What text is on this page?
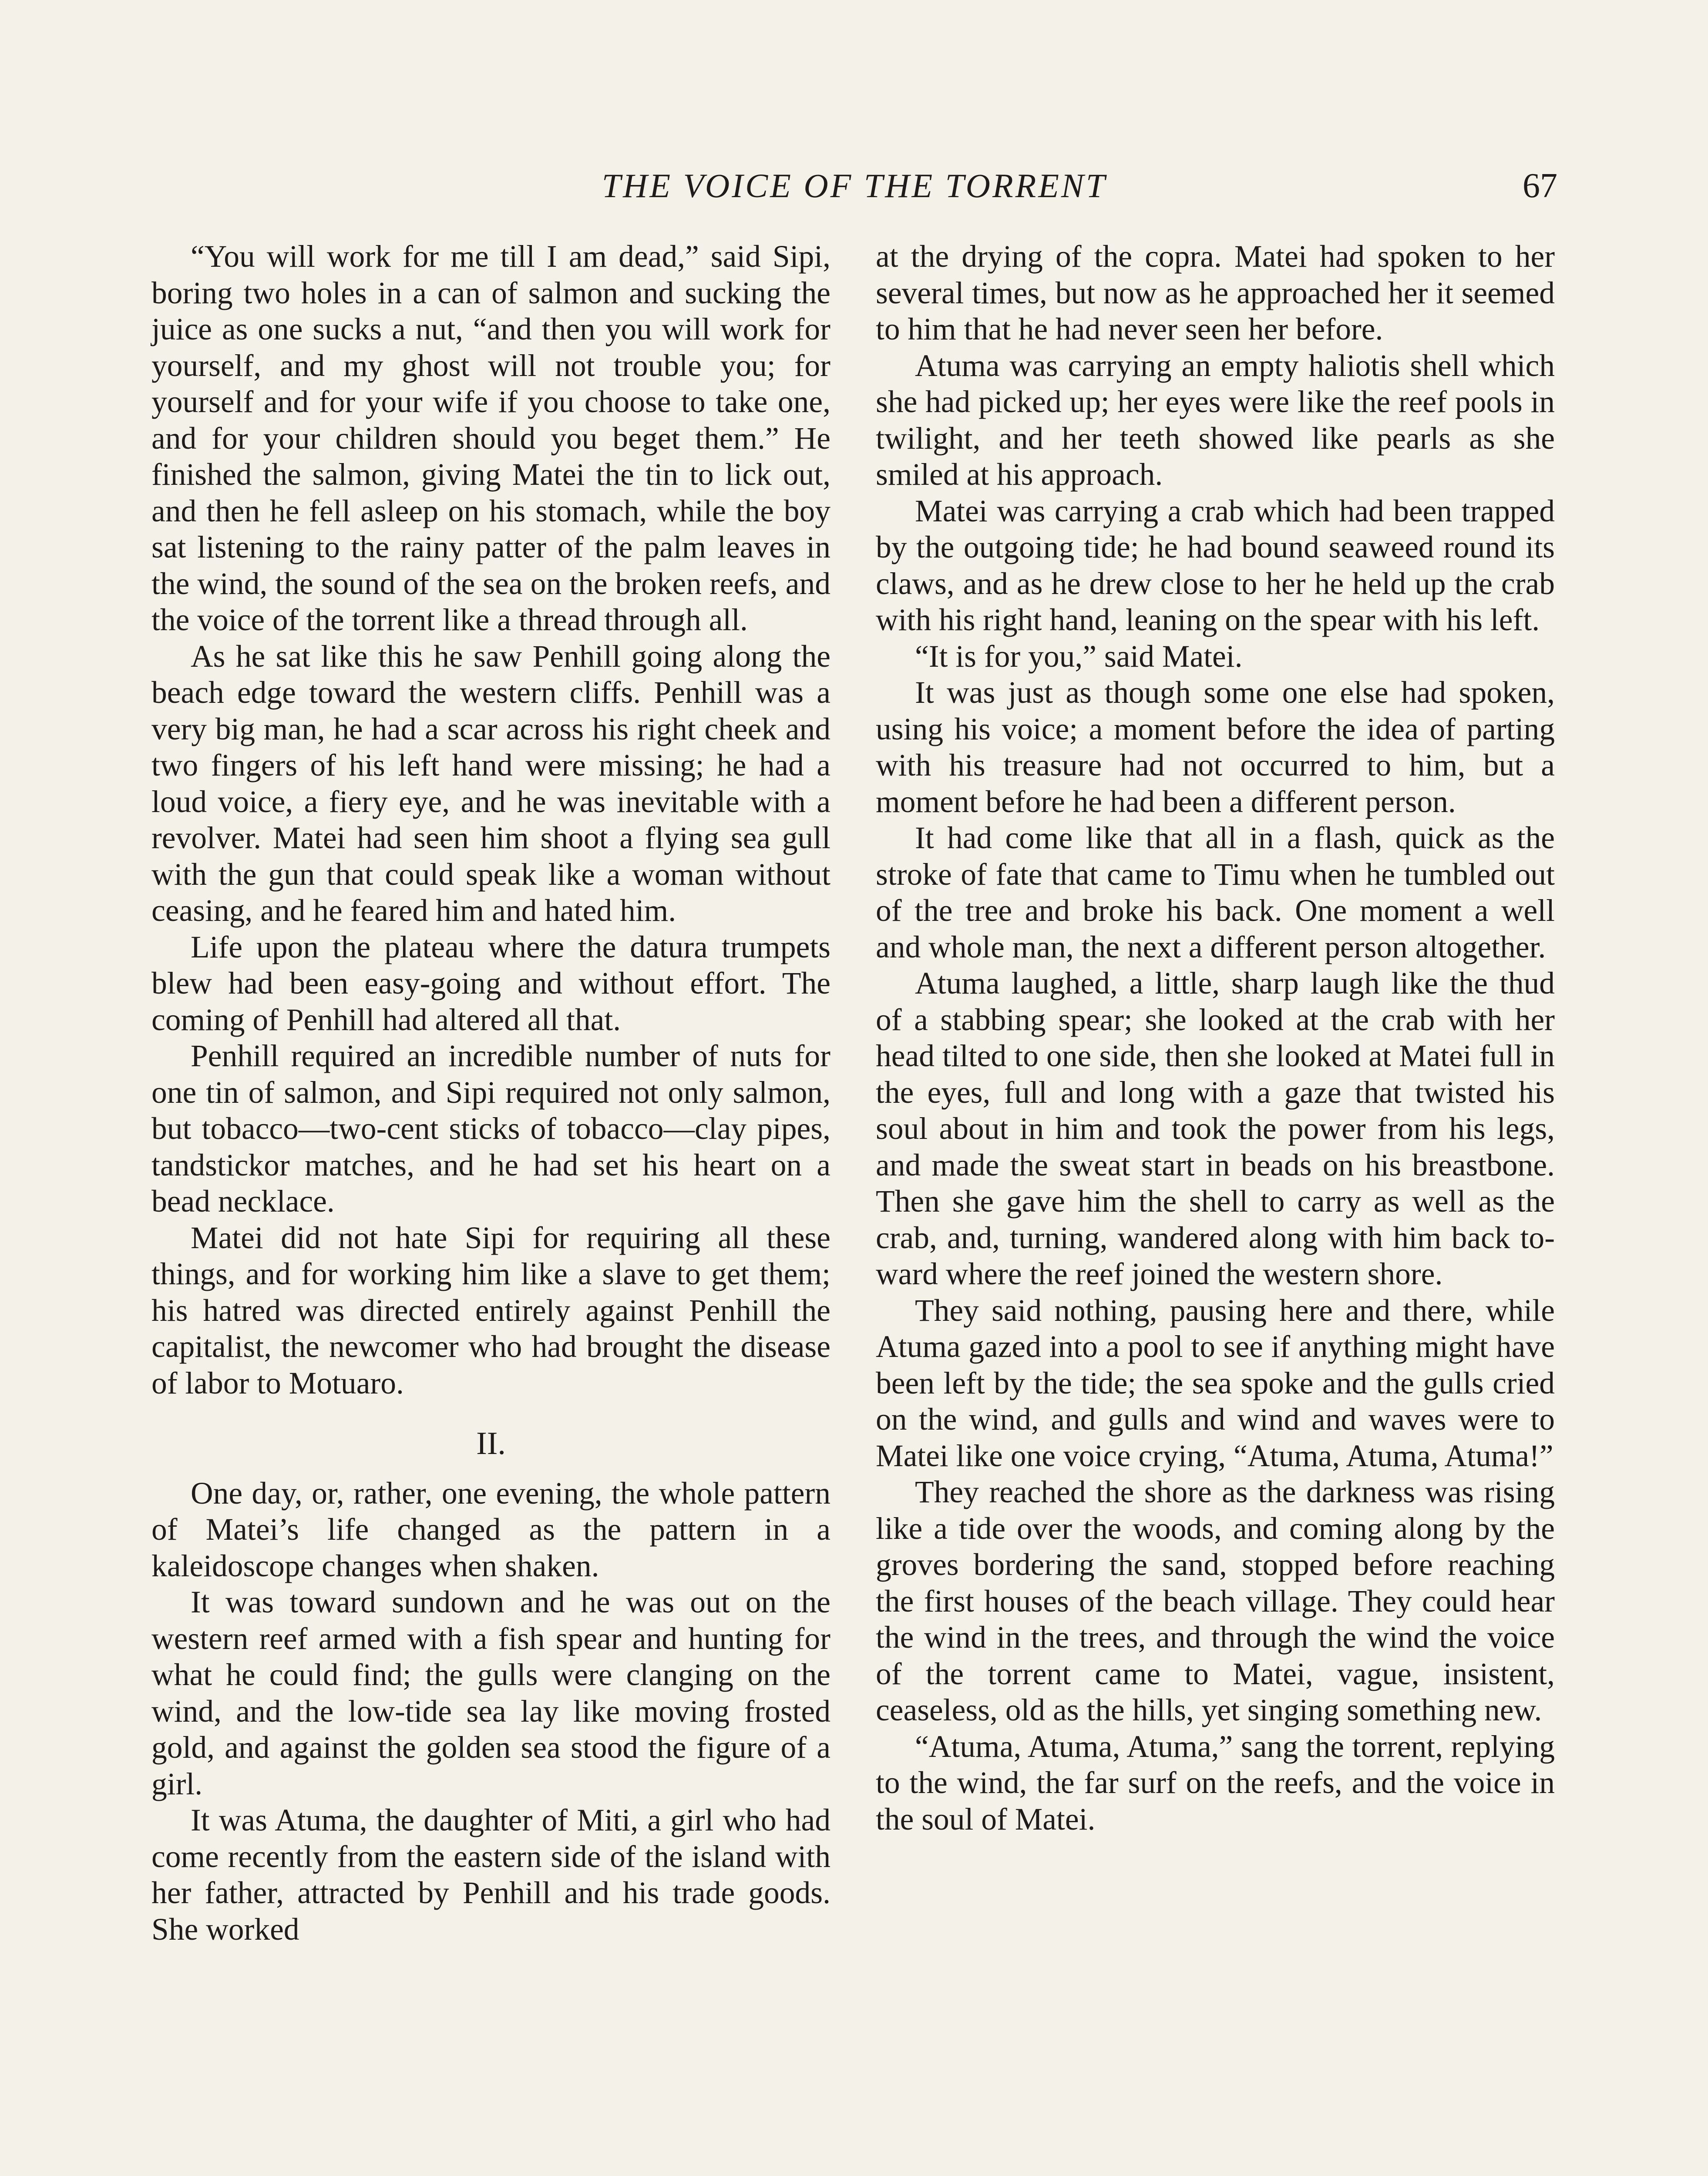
THE VOICE OF THE TORRENT	67

“You will work for me till I am dead,” said Sipi, boring two holes in a can of salmon and sucking the juice as one sucks a nut, “and then you will work for yourself, and my ghost will not trouble you; for yourself and for your wife if you choose to take one, and for your children should you beget them.” He finished the salmon, giving Matei the tin to lick out, and then he fell asleep on his stomach, while the boy sat listening to the rainy patter of the palm leaves in the wind, the sound of the sea on the broken reefs, and the voice of the torrent like a thread through all.

As he sat like this he saw Penhill going along the beach edge toward the western cliffs. Penhill was a very big man, he had a scar across his right cheek and two fingers of his left hand were missing; he had a loud voice, a fiery eye, and he was inevitable with a revolver. Matei had seen him shoot a flying sea gull with the gun that could speak like a woman without ceasing, and he feared him and hated him.

Life upon the plateau where the datura trumpets blew had been easy-going and without effort. The coming of Penhill had altered all that.

Penhill required an incredible number of nuts for one tin of salmon, and Sipi required not only salmon, but tobacco—two-cent sticks of tobacco—clay pipes, tandstickor matches, and he had set his heart on a bead necklace.

Matei did not hate Sipi for requiring all these things, and for working him like a slave to get them; his hatred was directed entirely against Penhill the capitalist, the newcomer who had brought the disease of labor to Motuaro.

II.

One day, or, rather, one evening, the whole pattern of Matei’s life changed as the pattern in a kaleidoscope changes when shaken.

It was toward sundown and he was out on the western reef armed with a fish spear and hunting for what he could find; the gulls were clanging on the wind, and the low-tide sea lay like moving frosted gold, and against the golden sea stood the figure of a girl.

It was Atuma, the daughter of Miti, a girl who had come recently from the eastern side of the island with her father, attracted by Penhill and his trade goods. She worked

at the drying of the copra. Matei had spoken to her several times, but now as he approached her it seemed to him that he had never seen her before.

Atuma was carrying an empty haliotis shell which she had picked up; her eyes were like the reef pools in twilight, and her teeth showed like pearls as she smiled at his approach.

Matei was carrying a crab which had been trapped by the outgoing tide; he had bound seaweed round its claws, and as he drew close to her he held up the crab with his right hand, leaning on the spear with his left.

“It is for you,” said Matei.

It was just as though some one else had spoken, using his voice; a moment before the idea of parting with his treasure had not occurred to him, but a moment before he had been a different person.

It had come like that all in a flash, quick as the stroke of fate that came to Timu when he tumbled out of the tree and broke his back. One moment a well and whole man, the next a different person altogether.

Atuma laughed, a little, sharp laugh like the thud of a stabbing spear; she looked at the crab with her head tilted to one side, then she looked at Matei full in the eyes, full and long with a gaze that twisted his soul about in him and took the power from his legs, and made the sweat start in beads on his breastbone. Then she gave him the shell to carry as well as the crab, and, turning, wandered along with him back toward where the reef joined the western shore.

They said nothing, pausing here and there, while Atuma gazed into a pool to see if anything might have been left by the tide; the sea spoke and the gulls cried on the wind, and gulls and wind and waves were to Matei like one voice crying, “Atuma, Atuma, Atuma!”

They reached the shore as the darkness was rising like a tide over the woods, and coming along by the groves bordering the sand, stopped before reaching the first houses of the beach village. They could hear the wind in the trees, and through the wind the voice of the torrent came to Matei, vague, insistent, ceaseless, old as the hills, yet singing something new.

“Atuma, Atuma, Atuma,” sang the torrent, replying to the wind, the far surf on the reefs, and the voice in the soul of Matei.
